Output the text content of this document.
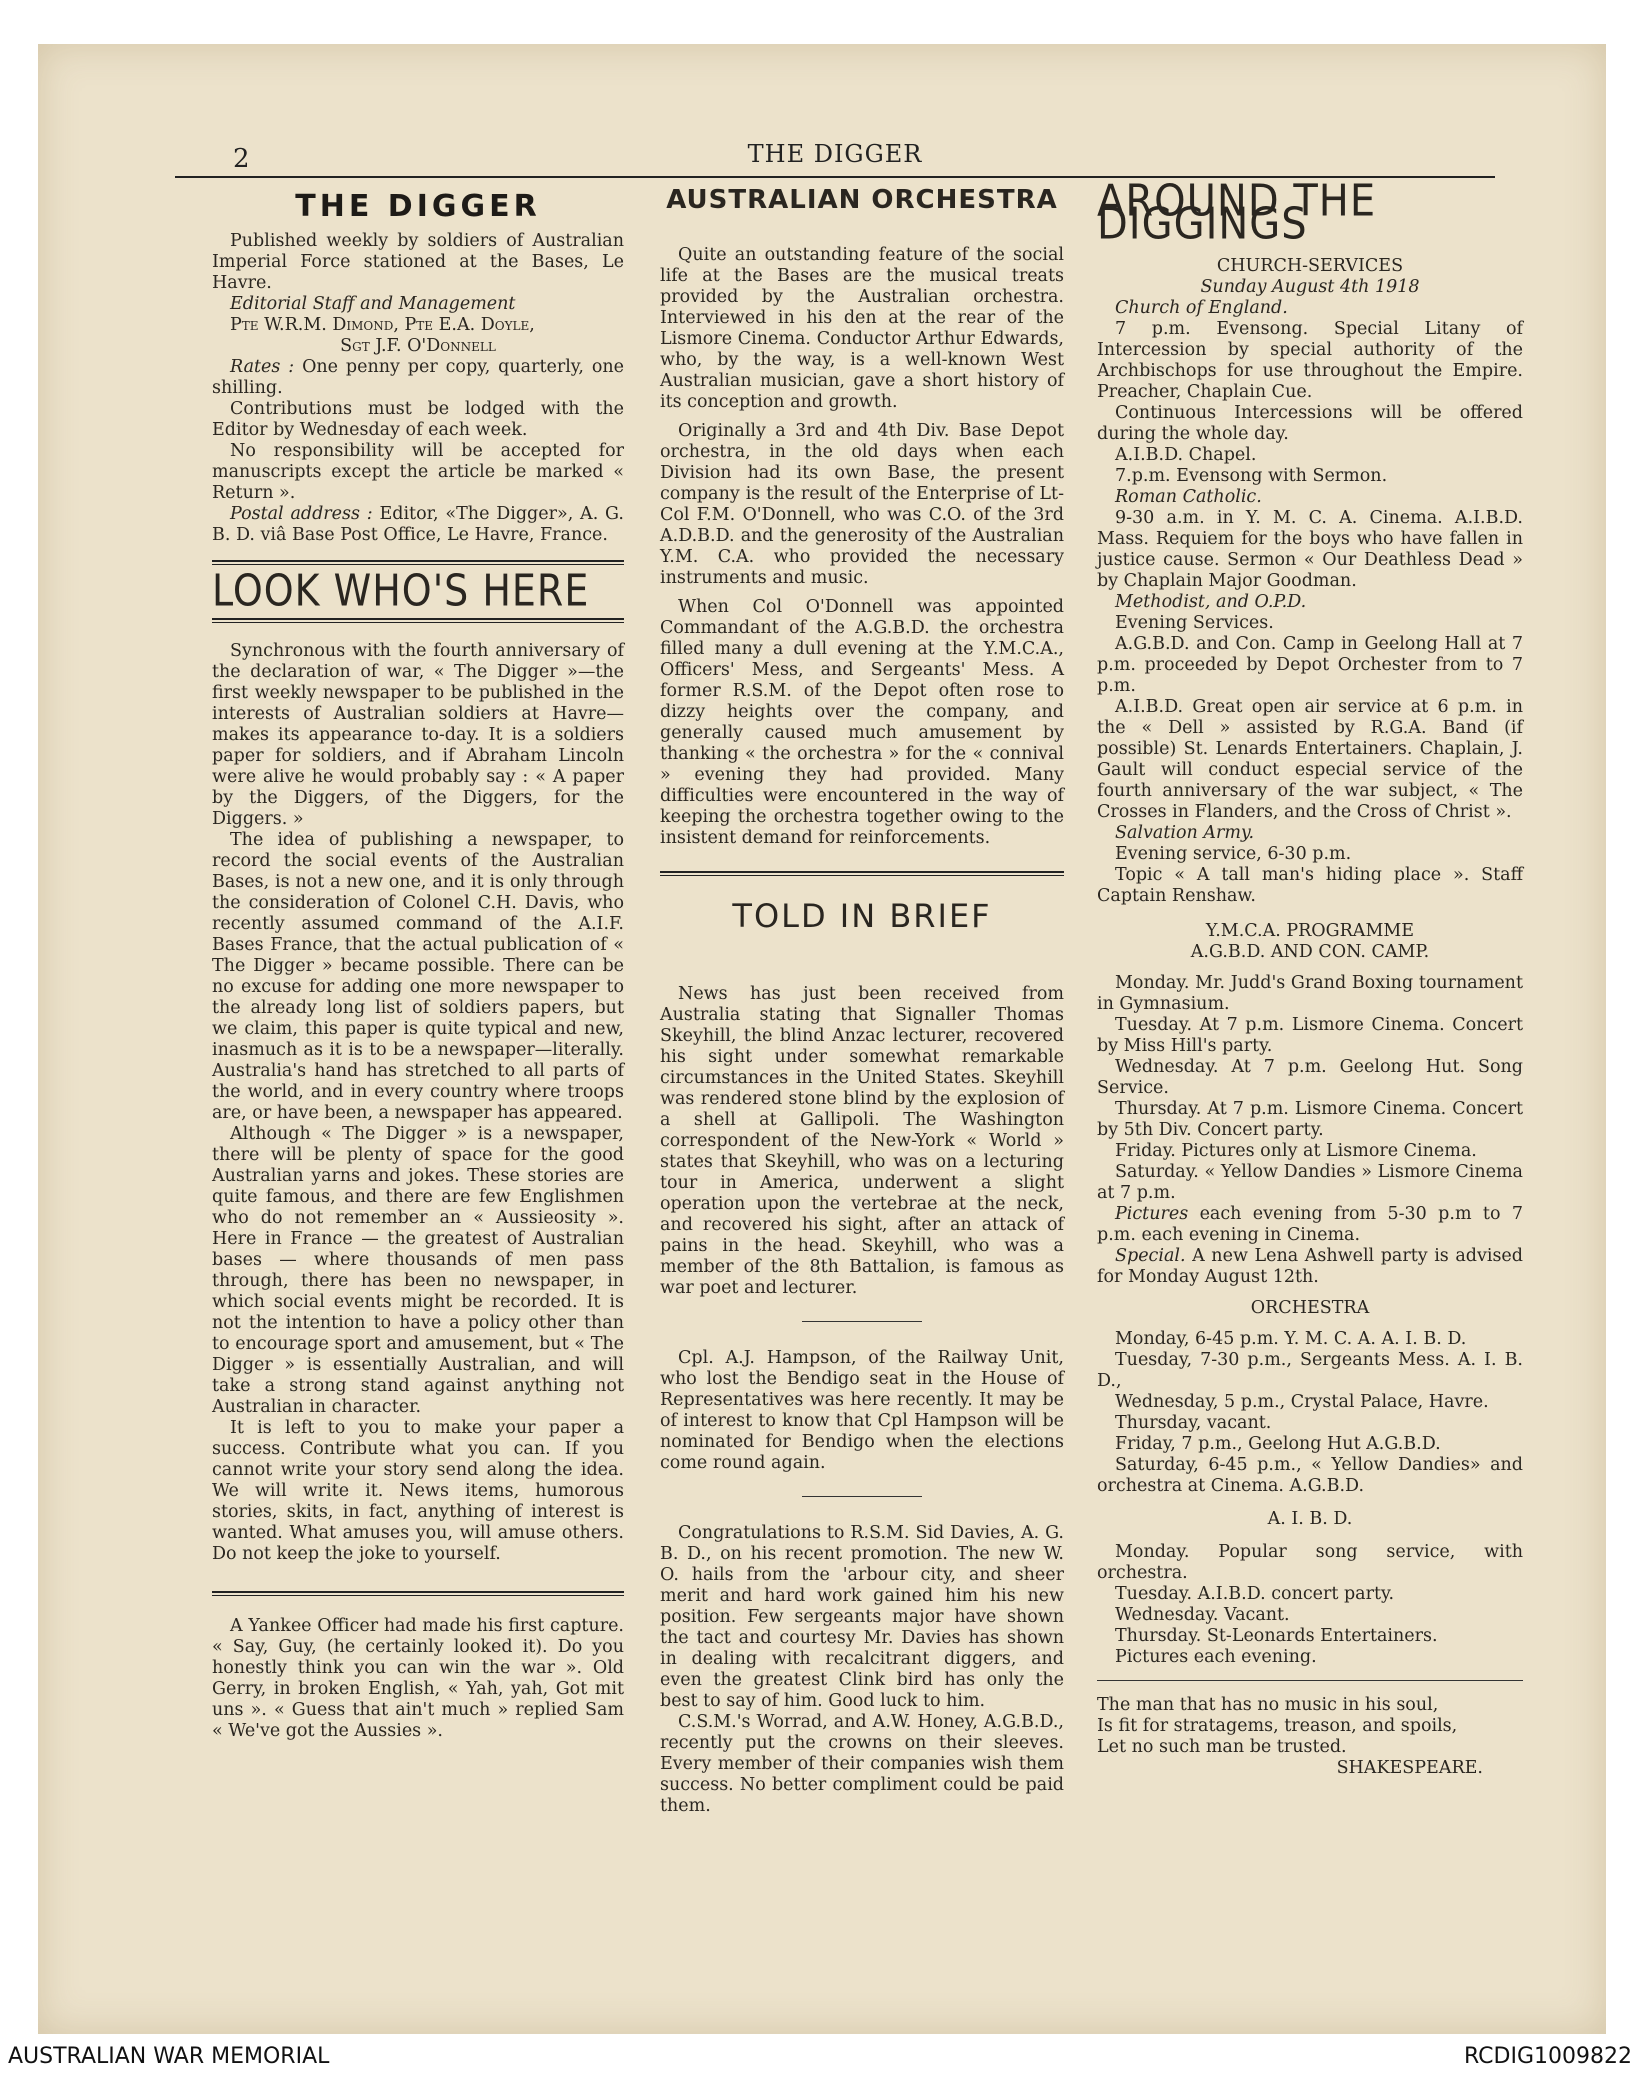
2	THE DIGGER
THE DIGGER

Published weekly by soldiers of Australian Imperial Force stationed at the Bases, Le Havre.

Editorial Staff and Management

Pte W.R.M. Dimond, Pte E.A. Doyle,

Sgt J.F. O'Donnell

Rates : One penny per copy, quarterly, one shilling.

Contributions must be lodged with the Editor by Wednesday of each week.

No responsibility will be accepted for manuscripts except the article be marked « Return ».

Postal address : Editor, «The Digger», A. G. B. D. viâ Base Post Office, Le Havre, France.

LOOK WHO'S HERE

Synchronous with the fourth anniversary of the declaration of war, « The Digger »—the first weekly newspaper to be published in the interests of Australian soldiers at Havre—makes its appearance to-day. It is a soldiers paper for soldiers, and if Abraham Lincoln were alive he would probably say : « A paper by the Diggers, of the Diggers, for the Diggers. »

The idea of publishing a newspaper, to record the social events of the Australian Bases, is not a new one, and it is only through the consideration of Colonel C.H. Davis, who recently assumed command of the A.I.F. Bases France, that the actual publication of « The Digger » became possible. There can be no excuse for adding one more newspaper to the already long list of soldiers papers, but we claim, this paper is quite typical and new, inasmuch as it is to be a newspaper—literally. Australia's hand has stretched to all parts of the world, and in every country where troops are, or have been, a newspaper has appeared.

Although « The Digger » is a newspaper, there will be plenty of space for the good Australian yarns and jokes. These stories are quite famous, and there are few Englishmen who do not remember an « Aussieosity ». Here in France — the greatest of Australian bases — where thousands of men pass through, there has been no newspaper, in which social events might be recorded. It is not the intention to have a policy other than to encourage sport and amusement, but « The Digger » is essentially Australian, and will take a strong stand against anything not Australian in character.

It is left to you to make your paper a success. Contribute what you can. If you cannot write your story send along the idea. We will write it. News items, humorous stories, skits, in fact, anything of interest is wanted. What amuses you, will amuse others. Do not keep the joke to yourself.

A Yankee Officer had made his first capture. « Say, Guy, (he certainly looked it). Do you honestly think you can win the war ». Old Gerry, in broken English, « Yah, yah, Got mit uns ». « Guess that ain't much » replied Sam « We've got the Aussies ».

AUSTRALIAN ORCHESTRA

Quite an outstanding feature of the social life at the Bases are the musical treats provided by the Australian orchestra. Interviewed in his den at the rear of the Lismore Cinema. Conductor Arthur Edwards, who, by the way, is a well-known West Australian musician, gave a short history of its conception and growth.

Originally a 3rd and 4th Div. Base Depot orchestra, in the old days when each Division had its own Base, the present company is the result of the Enterprise of Lt-Col F.M. O'Donnell, who was C.O. of the 3rd A.D.B.D. and the generosity of the Australian Y.M. C.A. who provided the necessary instruments and music.

When Col O'Donnell was appointed Commandant of the A.G.B.D. the orchestra filled many a dull evening at the Y.M.C.A., Officers' Mess, and Sergeants' Mess. A former R.S.M. of the Depot often rose to dizzy heights over the company, and generally caused much amusement by thanking « the orchestra » for the « connival » evening they had provided. Many difficulties were encountered in the way of keeping the orchestra together owing to the insistent demand for reinforcements.

TOLD IN BRIEF

News has just been received from Australia stating that Signaller Thomas Skeyhill, the blind Anzac lecturer, recovered his sight under somewhat remarkable circumstances in the United States. Skeyhill was rendered stone blind by the explosion of a shell at Gallipoli. The Washington correspondent of the New-York « World » states that Skeyhill, who was on a lecturing tour in America, underwent a slight operation upon the vertebrae at the neck, and recovered his sight, after an attack of pains in the head. Skeyhill, who was a member of the 8th Battalion, is famous as war poet and lecturer.

Cpl. A.J. Hampson, of the Railway Unit, who lost the Bendigo seat in the House of Representatives was here recently. It may be of interest to know that Cpl Hampson will be nominated for Bendigo when the elections come round again.

Congratulations to R.S.M. Sid Davies, A. G. B. D., on his recent promotion. The new W. O. hails from the 'arbour city, and sheer merit and hard work gained him his new position. Few sergeants major have shown the tact and courtesy Mr. Davies has shown in dealing with recalcitrant diggers, and even the greatest Clink bird has only the best to say of him. Good luck to him.

C.S.M.'s Worrad, and A.W. Honey, A.G.B.D., recently put the crowns on their sleeves. Every member of their companies wish them success. No better compliment could be paid them.

AROUND THE DIGGINGS

CHURCH-SERVICES

Sunday August 4th 1918

Church of England.

7 p.m. Evensong. Special Litany of Intercession by special authority of the Archbischops for use throughout the Empire. Preacher, Chaplain Cue.

Continuous Intercessions will be offered during the whole day.

A.I.B.D. Chapel.

7.p.m. Evensong with Sermon.

Roman Catholic.

9-30 a.m. in Y. M. C. A. Cinema. A.I.B.D. Mass. Requiem for the boys who have fallen in justice cause. Sermon « Our Deathless Dead » by Chaplain Major Goodman.

Methodist, and O.P.D.

Evening Services.

A.G.B.D. and Con. Camp in Geelong Hall at 7 p.m. proceeded by Depot Orchester from to 7 p.m.

A.I.B.D. Great open air service at 6 p.m. in the « Dell » assisted by R.G.A. Band (if possible) St. Lenards Entertainers. Chaplain, J. Gault will conduct especial service of the fourth anniversary of the war subject, « The Crosses in Flanders, and the Cross of Christ ».

Salvation Army.

Evening service, 6-30 p.m.

Topic « A tall man's hiding place ». Staff Captain Renshaw.

Y.M.C.A. PROGRAMME

A.G.B.D. AND CON. CAMP.

Monday. Mr. Judd's Grand Boxing tournament in Gymnasium.

Tuesday. At 7 p.m. Lismore Cinema. Concert by Miss Hill's party.

Wednesday. At 7 p.m. Geelong Hut. Song Service.

Thursday. At 7 p.m. Lismore Cinema. Concert by 5th Div. Concert party.

Friday. Pictures only at Lismore Cinema.

Saturday. « Yellow Dandies » Lismore Cinema at 7 p.m.

Pictures each evening from 5-30 p.m to 7 p.m. each evening in Cinema.

Special. A new Lena Ashwell party is advised for Monday August 12th.

ORCHESTRA

Monday, 6-45 p.m. Y. M. C. A. A. I. B. D.

Tuesday, 7-30 p.m., Sergeants Mess. A. I. B. D.,

Wednesday, 5 p.m., Crystal Palace, Havre.

Thursday, vacant.

Friday, 7 p.m., Geelong Hut A.G.B.D.

Saturday, 6-45 p.m., « Yellow Dandies» and orchestra at Cinema. A.G.B.D.

A. I. B. D.

Monday. Popular song service, with orchestra.

Tuesday. A.I.B.D. concert party.

Wednesday. Vacant.

Thursday. St-Leonards Entertainers.

Pictures each evening.

The man that has no music in his soul,

Is fit for stratagems, treason, and spoils,

Let no such man be trusted.

SHAKESPEARE.

AUSTRALIAN WAR MEMORIAL	RCDIG1009822
